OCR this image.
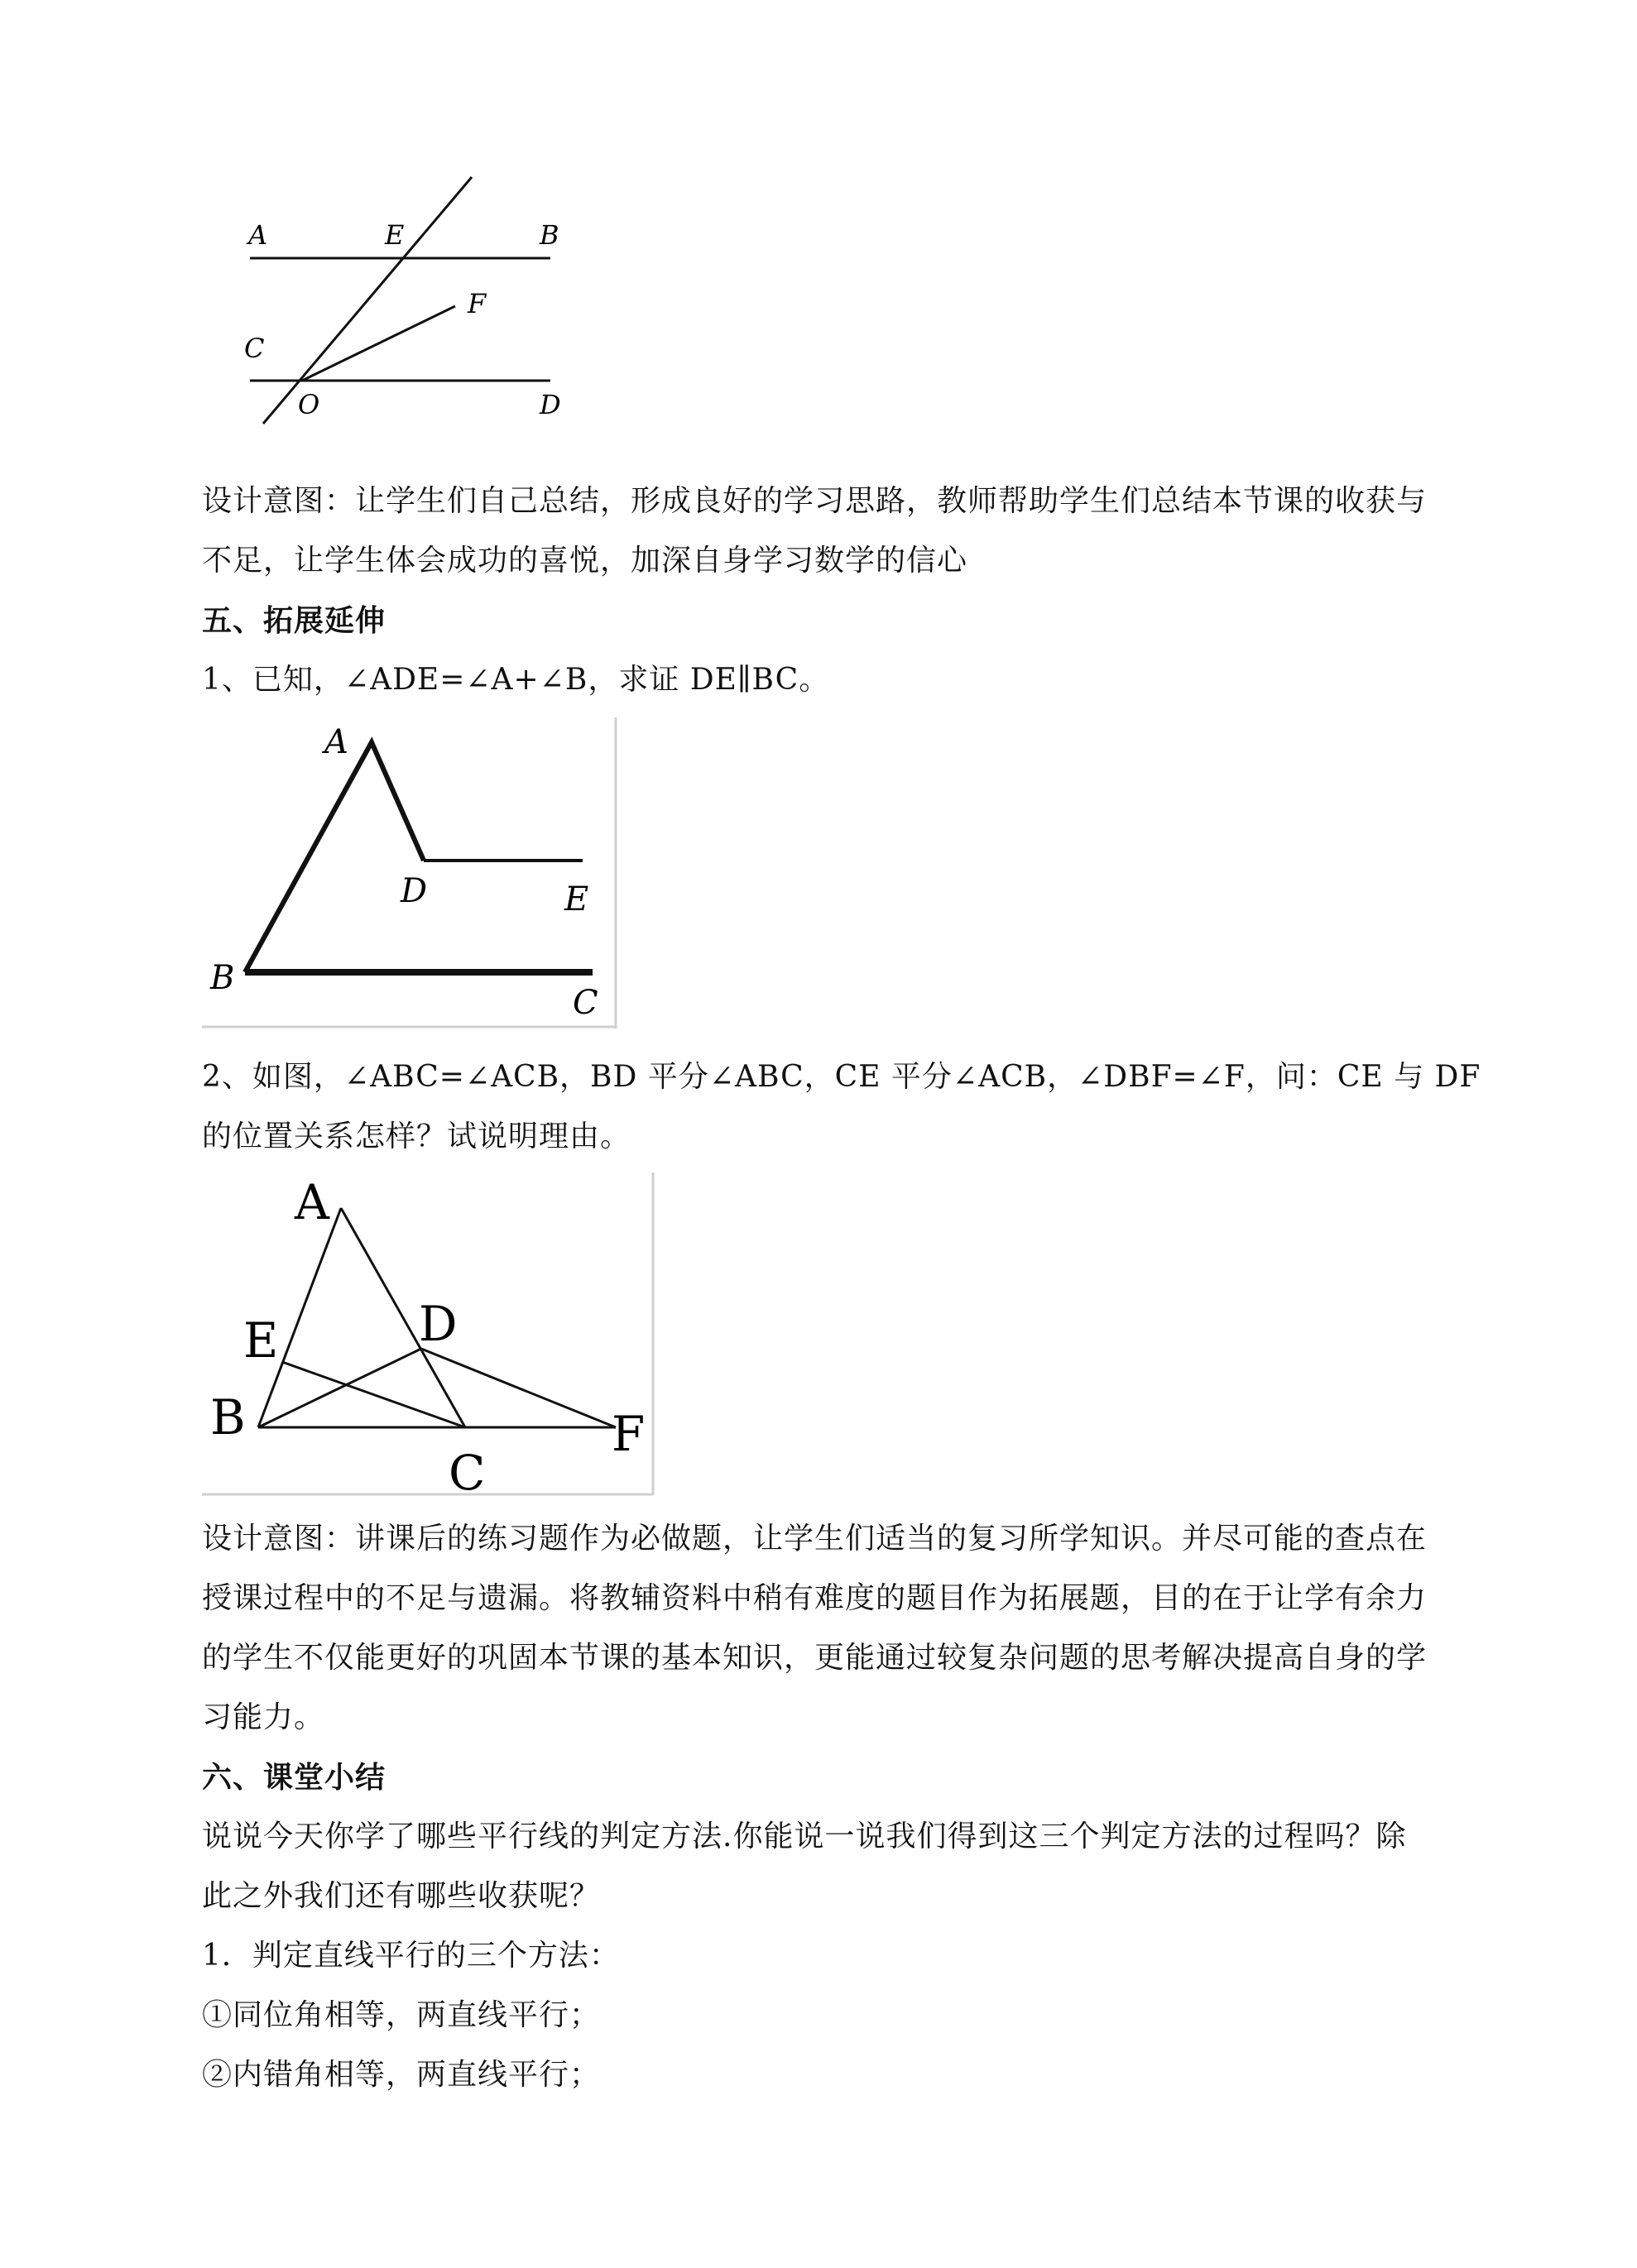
A	E	B
F
C
O	D
设计意图：让学生们自己总结，形成良好的学习思路，教师帮助学生们总结本节课的收获与
不足，让学生体会成功的喜悦，加深自身学习数学的信心
五、拓展延伸
1、已知，∠ADE=∠A+∠B，求证 DE∥BC。
A
D	E
B
C
2、如图，∠ABC=∠ACB，BD 平分∠ABC，CE 平分∠ACB，∠DBF=∠F，问：CE 与 DF
的位置关系怎样？试说明理由。
A
E	D
B	F
C
设计意图：讲课后的练习题作为必做题，让学生们适当的复习所学知识。并尽可能的查点在
授课过程中的不足与遗漏。将教辅资料中稍有难度的题目作为拓展题，目的在于让学有余力
的学生不仅能更好的巩固本节课的基本知识，更能通过较复杂问题的思考解决提高自身的学
习能力。
六、课堂小结
说说今天你学了哪些平行线的判定方法.你能说一说我们得到这三个判定方法的过程吗？除
此之外我们还有哪些收获呢？
1．判定直线平行的三个方法：
①同位角相等，两直线平行；
②内错角相等，两直线平行；
